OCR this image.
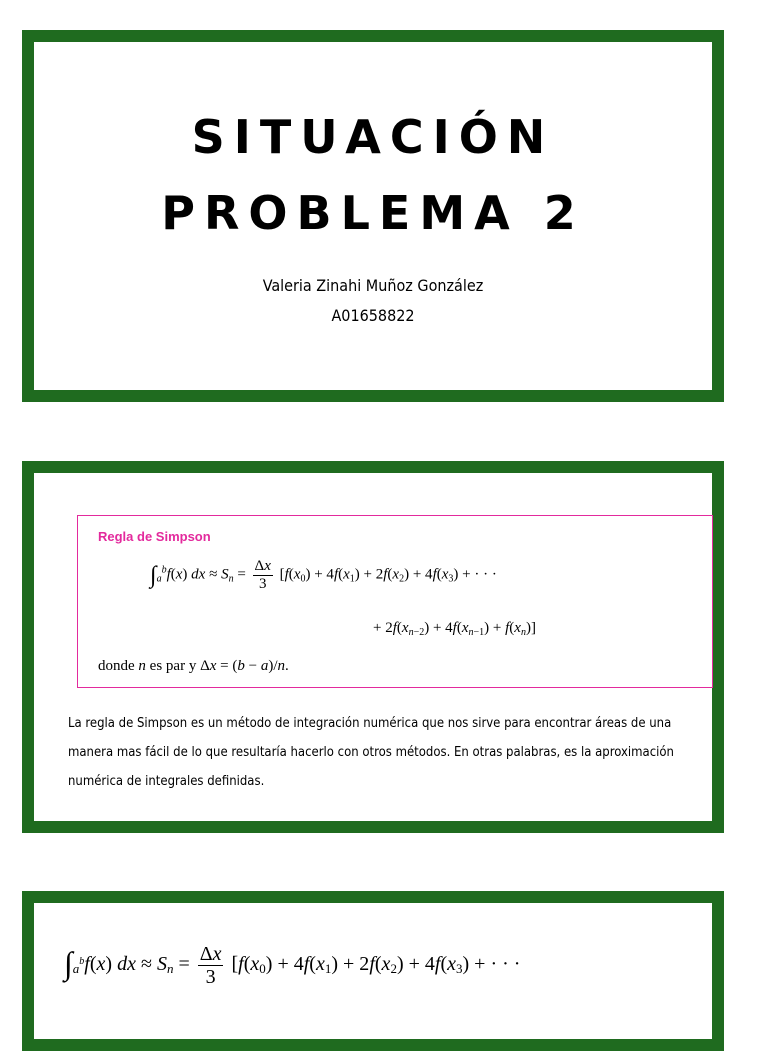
SITUACIÓN
PROBLEMA 2
Valeria Zinahi Muñoz González
A01658822
Regla de Simpson
$\int_a^bf(x)$ dx ≈ $S_n = \frac{\Delta x}{3} [f(x_0) + 4f(x_1) + 2f(x_2) + 4f(x_3)$ + · · ·
+ $2f(x_{n-2}) + 4f(x_{n-1}) + f(x_n)$]
donde n es par y Δx = (b − a)/n.
La regla de Simpson es un método de integración numérica que nos sirve para encontrar áreas de una manera mas fácil de lo que resultaría hacerlo con otros métodos. En otras palabras, es la aproximación numérica de integrales definidas.
$\int_a^bf(x)$ dx ≈ $S_n = \frac{\Delta x}{3} [f(x_0) + 4f(x_1) + 2f(x_2) + 4f(x_3)$ + · · ·
